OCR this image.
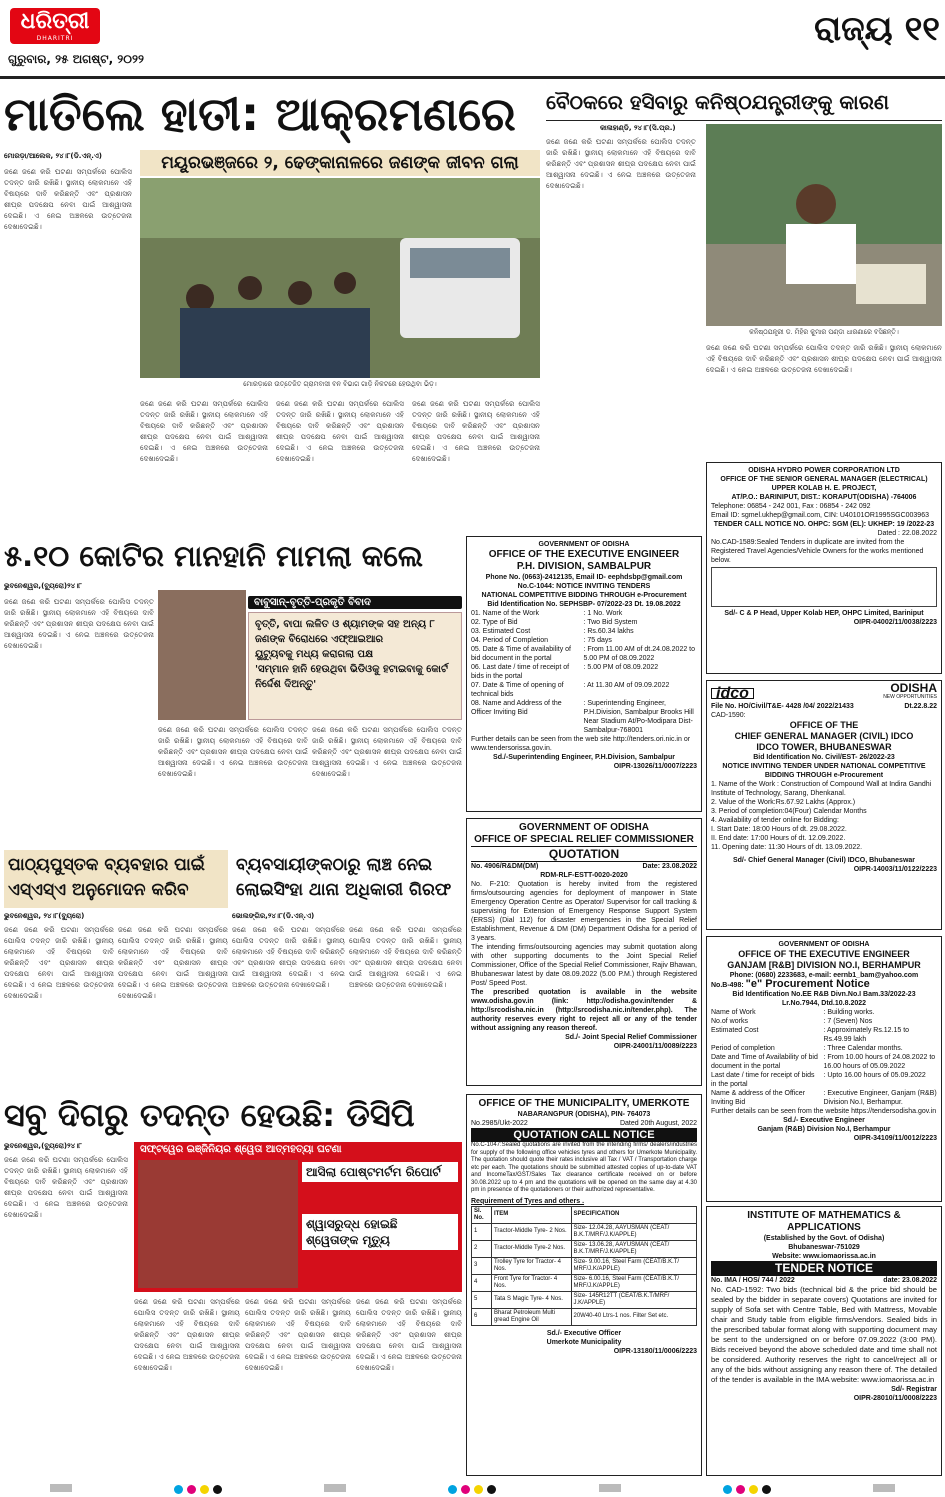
ଧରିତ୍ରୀ
DHARITRI
ଗୁରୁବାର, ୨୫ ଅଗଷ୍ଟ, ୨୦୨୨
ରାଜ୍ୟ ୧୧
ମାତିଲେ ହାତୀ: ଆକ୍ରମଣରେ
ମୋରଡ଼ା/ଆଲେକ, ୨୪।୮(ଡି.ଏନ୍.ଏ)	ମୟୂରଭଞ୍ଜରେ ୨, ଢେଙ୍କାନାଳରେ ଜଣଙ୍କ ଜୀବନ ଗଲା
ମୋରଡ଼ାରେ ଉତ୍ତେଜିତ ଗ୍ରାମବାସୀ ବନ ବିଭାଗ ଗାଡ଼ି ନିକଟରେ ହେଉଥିବା ଭିଡ଼।
ଜଣେ ଜଣେ କରି ଘଟଣା ସମ୍ପର୍କରେ ପୋଲିସ ତଦନ୍ତ ଜାରି ରଖିଛି। ସ୍ଥାନୀୟ ଲୋକମାନେ ଏହି ବିଷୟରେ ଦାବି କରିଛନ୍ତି ଏବଂ ପ୍ରଶାସନ ଶୀଘ୍ର ପଦକ୍ଷେପ ନେବା ପାଇଁ ଆଶ୍ୱାସନା ଦେଇଛି। ଏ ନେଇ ଅଞ୍ଚଳରେ ଉତ୍ତେଜନା ଦେଖାଦେଇଛି।
ଜଣେ ଜଣେ କରି ଘଟଣା ସମ୍ପର୍କରେ ପୋଲିସ ତଦନ୍ତ ଜାରି ରଖିଛି। ସ୍ଥାନୀୟ ଲୋକମାନେ ଏହି ବିଷୟରେ ଦାବି କରିଛନ୍ତି ଏବଂ ପ୍ରଶାସନ ଶୀଘ୍ର ପଦକ୍ଷେପ ନେବା ପାଇଁ ଆଶ୍ୱାସନା ଦେଇଛି। ଏ ନେଇ ଅଞ୍ଚଳରେ ଉତ୍ତେଜନା ଦେଖାଦେଇଛି।
ଜଣେ ଜଣେ କରି ଘଟଣା ସମ୍ପର୍କରେ ପୋଲିସ ତଦନ୍ତ ଜାରି ରଖିଛି। ସ୍ଥାନୀୟ ଲୋକମାନେ ଏହି ବିଷୟରେ ଦାବି କରିଛନ୍ତି ଏବଂ ପ୍ରଶାସନ ଶୀଘ୍ର ପଦକ୍ଷେପ ନେବା ପାଇଁ ଆଶ୍ୱାସନା ଦେଇଛି। ଏ ନେଇ ଅଞ୍ଚଳରେ ଉତ୍ତେଜନା ଦେଖାଦେଇଛି।
ଜଣେ ଜଣେ କରି ଘଟଣା ସମ୍ପର୍କରେ ପୋଲିସ ତଦନ୍ତ ଜାରି ରଖିଛି। ସ୍ଥାନୀୟ ଲୋକମାନେ ଏହି ବିଷୟରେ ଦାବି କରିଛନ୍ତି ଏବଂ ପ୍ରଶାସନ ଶୀଘ୍ର ପଦକ୍ଷେପ ନେବା ପାଇଁ ଆଶ୍ୱାସନା ଦେଇଛି। ଏ ନେଇ ଅଞ୍ଚଳରେ ଉତ୍ତେଜନା ଦେଖାଦେଇଛି।
ବୈଠକରେ ହସିବାରୁ କନିଷ୍ଠଯନ୍ତ୍ରୀଙ୍କୁ କାରଣ
କାଳାହାଣ୍ଡି, ୨୪।୮(ସି.ପ୍ର.)
ଜଣେ ଜଣେ କରି ଘଟଣା ସମ୍ପର୍କରେ ପୋଲିସ ତଦନ୍ତ ଜାରି ରଖିଛି। ସ୍ଥାନୀୟ ଲୋକମାନେ ଏହି ବିଷୟରେ ଦାବି କରିଛନ୍ତି ଏବଂ ପ୍ରଶାସନ ଶୀଘ୍ର ପଦକ୍ଷେପ ନେବା ପାଇଁ ଆଶ୍ୱାସନା ଦେଇଛି। ଏ ନେଇ ଅଞ୍ଚଳରେ ଉତ୍ତେଜନା ଦେଖାଦେଇଛି।
କନିଷ୍ଠଯନ୍ତ୍ରୀ ଡ. ମିହିର କୁମାର ପଣ୍ଡା ଧାରଣାରେ ବସିଛନ୍ତି।
ଜଣେ ଜଣେ କରି ଘଟଣା ସମ୍ପର୍କରେ ପୋଲିସ ତଦନ୍ତ ଜାରି ରଖିଛି। ସ୍ଥାନୀୟ ଲୋକମାନେ ଏହି ବିଷୟରେ ଦାବି କରିଛନ୍ତି ଏବଂ ପ୍ରଶାସନ ଶୀଘ୍ର ପଦକ୍ଷେପ ନେବା ପାଇଁ ଆଶ୍ୱାସନା ଦେଇଛି। ଏ ନେଇ ଅଞ୍ଚଳରେ ଉତ୍ତେଜନା ଦେଖାଦେଇଛି।
ODISHA HYDRO POWER CORPORATION LTD
OFFICE OF THE SENIOR GENERAL MANAGER (ELECTRICAL)
UPPER KOLAB H. E. PROJECT,
AT/P.O.: BARINIPUT, DIST.: KORAPUT(ODISHA) -764006
Telephone: 06854 - 242 001, Fax : 06854 - 242 092
Email ID: sgmel.ukhep@gmail.com, CIN: U40101OR1995SGC003963
TENDER CALL NOTICE NO. OHPC: SGM (EL): UKHEP: 19 /2022-23
Dated : 22.08.2022
No.CAD-1589:Sealed Tenders in duplicate are invited from the Registered Travel Agencies/Vehicle Owners for the works mentioned below.
Sd/- C & P Head, Upper Kolab HEP, OHPC Limited, Bariniput
OIPR-04002/11/0038/2223
୫.୧୦ କୋଟିର ମାନହାନି ମାମଲା କଲେ
ଭୁବନେଶ୍ୱର,(ବ୍ୟୁରୋ)୨୪।୮
ଜଣେ ଜଣେ କରି ଘଟଣା ସମ୍ପର୍କରେ ପୋଲିସ ତଦନ୍ତ ଜାରି ରଖିଛି। ସ୍ଥାନୀୟ ଲୋକମାନେ ଏହି ବିଷୟରେ ଦାବି କରିଛନ୍ତି ଏବଂ ପ୍ରଶାସନ ଶୀଘ୍ର ପଦକ୍ଷେପ ନେବା ପାଇଁ ଆଶ୍ୱାସନା ଦେଇଛି। ଏ ନେଇ ଅଞ୍ଚଳରେ ଉତ୍ତେଜନା ଦେଖାଦେଇଛି।
ବାବୁସାନ୍-ବୃତ୍ତି-ପ୍ରକୃତି ବିବାଦ
ବୃତ୍ତି, ବାପା ଲଳିତ ଓ ଶ୍ୟାମଙ୍କ ସହ ଅନ୍ୟ ୮ ଜଣଙ୍କ ବିରୋଧରେ ଏଫ୍‌ଆଇଆର
ୟୁଟ୍ୟୁବକୁ ମଧ୍ୟ କରାଗଲା ପକ୍ଷ
'ସମ୍ମାନ ହାନି ହେଉଥିବା ଭିଡିଓକୁ ହଟାଇବାକୁ କୋର୍ଟ ନିର୍ଦ୍ଦେଶ ଦିଅନ୍ତୁ'
ଜଣେ ଜଣେ କରି ଘଟଣା ସମ୍ପର୍କରେ ପୋଲିସ ତଦନ୍ତ ଜାରି ରଖିଛି। ସ୍ଥାନୀୟ ଲୋକମାନେ ଏହି ବିଷୟରେ ଦାବି କରିଛନ୍ତି ଏବଂ ପ୍ରଶାସନ ଶୀଘ୍ର ପଦକ୍ଷେପ ନେବା ପାଇଁ ଆଶ୍ୱାସନା ଦେଇଛି। ଏ ନେଇ ଅଞ୍ଚଳରେ ଉତ୍ତେଜନା ଦେଖାଦେଇଛି।
ଜଣେ ଜଣେ କରି ଘଟଣା ସମ୍ପର୍କରେ ପୋଲିସ ତଦନ୍ତ ଜାରି ରଖିଛି। ସ୍ଥାନୀୟ ଲୋକମାନେ ଏହି ବିଷୟରେ ଦାବି କରିଛନ୍ତି ଏବଂ ପ୍ରଶାସନ ଶୀଘ୍ର ପଦକ୍ଷେପ ନେବା ପାଇଁ ଆଶ୍ୱାସନା ଦେଇଛି। ଏ ନେଇ ଅଞ୍ଚଳରେ ଉତ୍ତେଜନା ଦେଖାଦେଇଛି।
GOVERNMENT OF ODISHA
OFFICE OF THE EXECUTIVE ENGINEER
P.H. DIVISION, SAMBALPUR
Phone No. (0663)-2412135, Email ID- eephdsbp@gmail.com
No.C-1044: NOTICE INVITING TENDERS
NATIONAL COMPETITIVE BIDDING THROUGH e-Procurement
Bid Identification No. SEPHSBP- 07/2022-23 Dt. 19.08.2022
01. Name of the Work	: 1 No. Work
02. Type of Bid	: Two Bid System
03. Estimated Cost	: Rs.60.34 lakhs
04. Period of Completion	: 75 days
05. Date & Time of availability of bid document in the portal
: From 11.00 AM of dt.24.08.2022 to 5.00 PM of 08.09.2022
06. Last date / time of receipt of bids in the portal
: 5.00 PM of 08.09.2022
07. Date & Time of opening of technical bids
: At 11.30 AM of 09.09.2022
08. Name and Address of the Officer Inviting Bid
: Superintending Engineer, P.H.Division, Sambalpur Brooks Hill Near Stadium At/Po-Modipara Dist-Sambalpur-768001
Further details can be seen from the web site http://tenders.ori.nic.in or www.tendersorissa.gov.in.
Sd./-Superintending Engineer, P.H.Division, Sambalpur
OIPR-13026/11/0007/2223
idco	ODISHA
NEW OPPORTUNITIES
File No. HO/Civil/T&E- 4428 /04/ 2022/21433	Dt.22.8.22
CAD-1590:
OFFICE OF THE
CHIEF GENERAL MANAGER (CIVIL) IDCO
IDCO TOWER, BHUBANESWAR
Bid Identification No. Civil/EST- 26/2022-23
NOTICE INVITING TENDER UNDER NATIONAL COMPETITIVE BIDDING THROUGH e-Procurement
1. Name of the Work : Construction of Compound Wall at Indira Gandhi Institute of Technology, Sarang, Dhenkanal.
2. Value of the Work:Rs.67.92 Lakhs (Approx.)
3. Period of completion:04(Four) Calendar Months
4. Availability of tender online for Bidding:
I. Start Date: 18:00 Hours of dt. 29.08.2022.
II. End date: 17:00 Hours of dt. 12.09.2022.
11. Opening date: 11:30 Hours of dt. 13.09.2022.
Sd/- Chief General Manager (Civil) IDCO, Bhubaneswar
OIPR-14003/11/0122/2223
ପାଠ୍ୟପୁସ୍ତକ ବ୍ୟବହାର ପାଇଁ
ଏସ୍‌ଏସ୍‌ଏ ଅନୁମୋଦନ କରିବ
ଭୁବନେଶ୍ୱର, ୨୪।୮(ବ୍ୟୁରୋ)
ଜଣେ ଜଣେ କରି ଘଟଣା ସମ୍ପର୍କରେ ପୋଲିସ ତଦନ୍ତ ଜାରି ରଖିଛି। ସ୍ଥାନୀୟ ଲୋକମାନେ ଏହି ବିଷୟରେ ଦାବି କରିଛନ୍ତି ଏବଂ ପ୍ରଶାସନ ଶୀଘ୍ର ପଦକ୍ଷେପ ନେବା ପାଇଁ ଆଶ୍ୱାସନା ଦେଇଛି। ଏ ନେଇ ଅଞ୍ଚଳରେ ଉତ୍ତେଜନା ଦେଖାଦେଇଛି।
ଜଣେ ଜଣେ କରି ଘଟଣା ସମ୍ପର୍କରେ ପୋଲିସ ତଦନ୍ତ ଜାରି ରଖିଛି। ସ୍ଥାନୀୟ ଲୋକମାନେ ଏହି ବିଷୟରେ ଦାବି କରିଛନ୍ତି ଏବଂ ପ୍ରଶାସନ ଶୀଘ୍ର ପଦକ୍ଷେପ ନେବା ପାଇଁ ଆଶ୍ୱାସନା ଦେଇଛି। ଏ ନେଇ ଅଞ୍ଚଳରେ ଉତ୍ତେଜନା ଦେଖାଦେଇଛି।
ବ୍ୟବସାୟୀଙ୍କଠାରୁ ଲାଞ୍ଚ ନେଇ
ଲୋଇସିଂହା ଥାନା ଅଧିକାରୀ ଗିରଫ
ଭୋଲଙ୍ଗିର,୨୪।୮(ଡି.ଏନ୍.ଏ)
ଜଣେ ଜଣେ କରି ଘଟଣା ସମ୍ପର୍କରେ ପୋଲିସ ତଦନ୍ତ ଜାରି ରଖିଛି। ସ୍ଥାନୀୟ ଲୋକମାନେ ଏହି ବିଷୟରେ ଦାବି କରିଛନ୍ତି ଏବଂ ପ୍ରଶାସନ ଶୀଘ୍ର ପଦକ୍ଷେପ ନେବା ପାଇଁ ଆଶ୍ୱାସନା ଦେଇଛି। ଏ ନେଇ ଅଞ୍ଚଳରେ ଉତ୍ତେଜନା ଦେଖାଦେଇଛି।
ଜଣେ ଜଣେ କରି ଘଟଣା ସମ୍ପର୍କରେ ପୋଲିସ ତଦନ୍ତ ଜାରି ରଖିଛି। ସ୍ଥାନୀୟ ଲୋକମାନେ ଏହି ବିଷୟରେ ଦାବି କରିଛନ୍ତି ଏବଂ ପ୍ରଶାସନ ଶୀଘ୍ର ପଦକ୍ଷେପ ନେବା ପାଇଁ ଆଶ୍ୱାସନା ଦେଇଛି। ଏ ନେଇ ଅଞ୍ଚଳରେ ଉତ୍ତେଜନା ଦେଖାଦେଇଛି।
GOVERNMENT OF ODISHA
OFFICE OF SPECIAL RELIEF COMMISSIONER
QUOTATION
No. 4906/R&DM(DM)	Date: 23.08.2022
RDM-RLF-ESTT-0020-2020
No. F-210: Quotation is hereby invited from the registered firms/outsourcing agencies for deployment of manpower in State Emergency Operation Centre as Operator/ Supervisor for call tracking & supervising for Extension of Emergency Response Support System (ERSS) (Dial 112) for disaster emergencies in the Special Relief Establishment, Revenue & DM (DM) Department Odisha for a period of 3 years.
The intending firms/outsourcing agencies may submit quotation along with other supporting documents to the Joint Special Relief Commissioner, Office of the Special Relief Commissioner, Rajiv Bhawan, Bhubaneswar latest by date 08.09.2022 (5.00 P.M.) through Registered Post/ Speed Post.
The prescribed quotation is available in the website www.odisha.gov.in (link: http://odisha.gov.in/tender & http://srcodisha.nic.in (http://srcodisha.nic.in/tender.php). The authority reserves every right to reject all or any of the tender without assigning any reason thereof.
Sd./- Joint Special Relief Commissioner
OIPR-24001/11/0089/2223
GOVERNMENT OF ODISHA
OFFICE OF THE EXECUTIVE ENGINEER
GANJAM [R&B] DIVISION NO.I, BERHAMPUR
Phone: (0680) 2233683, e-mail: eernb1_bam@yahoo.com
No.B-498: "e" Procurement Notice
Bid Identification No.EE R&B Divn.No.I Bam.33/2022-23
Lr.No.7944, Dtd.10.8.2022
Name of Work	: Building works.
No.of works	: 7 (Seven) Nos
Estimated Cost	: Approximately Rs.12.15 to Rs.49.99 lakh
Period of completion	: Three Calendar months.
Date and Time of Availability of bid document in the portal
: From 10.00 hours of 24.08.2022 to 16.00 hours of 05.09.2022
Last date / time for receipt of bids in the portal
: Upto 16.00 hours of 05.09.2022
Name & address of the Officer Inviting Bid
: Executive Engineer, Ganjam (R&B) Division No.I, Berhampur.
Further details can be seen from the website https://tendersodisha.gov.in
Sd./- Executive Engineer
Ganjam (R&B) Division No.I, Berhampur
OIPR-34109/11/0012/2223
ସବୁ ଦିଗରୁ ତଦନ୍ତ ହେଉଛି: ଡିସିପି
ଭୁବନେଶ୍ୱର,(ବ୍ୟୁରୋ)୨୪।୮
ଜଣେ ଜଣେ କରି ଘଟଣା ସମ୍ପର୍କରେ ପୋଲିସ ତଦନ୍ତ ଜାରି ରଖିଛି। ସ୍ଥାନୀୟ ଲୋକମାନେ ଏହି ବିଷୟରେ ଦାବି କରିଛନ୍ତି ଏବଂ ପ୍ରଶାସନ ଶୀଘ୍ର ପଦକ୍ଷେପ ନେବା ପାଇଁ ଆଶ୍ୱାସନା ଦେଇଛି। ଏ ନେଇ ଅଞ୍ଚଳରେ ଉତ୍ତେଜନା ଦେଖାଦେଇଛି।
ସଫ୍ଟୱେର ଇଞ୍ଜିନିୟର ଶ୍ୱେତା ଆତ୍ମହତ୍ୟା ଘଟଣା
ଆସିଲା ପୋଷ୍ଟମର୍ଟମ ରିପୋର୍ଟ
ଶ୍ୱାସରୁଦ୍ଧ ହୋଇଛି ଶ୍ୱେତାଙ୍କ ମୃତ୍ୟୁ
ଜଣେ ଜଣେ କରି ଘଟଣା ସମ୍ପର୍କରେ ପୋଲିସ ତଦନ୍ତ ଜାରି ରଖିଛି। ସ୍ଥାନୀୟ ଲୋକମାନେ ଏହି ବିଷୟରେ ଦାବି କରିଛନ୍ତି ଏବଂ ପ୍ରଶାସନ ଶୀଘ୍ର ପଦକ୍ଷେପ ନେବା ପାଇଁ ଆଶ୍ୱାସନା ଦେଇଛି। ଏ ନେଇ ଅଞ୍ଚଳରେ ଉତ୍ତେଜନା ଦେଖାଦେଇଛି।
ଜଣେ ଜଣେ କରି ଘଟଣା ସମ୍ପର୍କରେ ପୋଲିସ ତଦନ୍ତ ଜାରି ରଖିଛି। ସ୍ଥାନୀୟ ଲୋକମାନେ ଏହି ବିଷୟରେ ଦାବି କରିଛନ୍ତି ଏବଂ ପ୍ରଶାସନ ଶୀଘ୍ର ପଦକ୍ଷେପ ନେବା ପାଇଁ ଆଶ୍ୱାସନା ଦେଇଛି। ଏ ନେଇ ଅଞ୍ଚଳରେ ଉତ୍ତେଜନା ଦେଖାଦେଇଛି।
ଜଣେ ଜଣେ କରି ଘଟଣା ସମ୍ପର୍କରେ ପୋଲିସ ତଦନ୍ତ ଜାରି ରଖିଛି। ସ୍ଥାନୀୟ ଲୋକମାନେ ଏହି ବିଷୟରେ ଦାବି କରିଛନ୍ତି ଏବଂ ପ୍ରଶାସନ ଶୀଘ୍ର ପଦକ୍ଷେପ ନେବା ପାଇଁ ଆଶ୍ୱାସନା ଦେଇଛି। ଏ ନେଇ ଅଞ୍ଚଳରେ ଉତ୍ତେଜନା ଦେଖାଦେଇଛି।
OFFICE OF THE MUNICIPALITY, UMERKOTE
NABARANGPUR (ODISHA), PIN- 764073
No.2985/Ukt-2022	Dated 20th August, 2022
QUOTATION CALL NOTICE
No.C-1047:Sealed quotations are invited from the intending firms/ dealers/industries for supply of the following office vehicles tyres and others for Umerkote Municipality. The quotation should quote their rates inclusive all Tax / VAT / Transportation charge etc per each. The quotations should be submitted attested copies of up-to-date VAT and IncomeTax/GST/Sales Tax clearance certificate received on or before 30.08.2022 up to 4 pm and the quotations will be opened on the same day at 4.30 pm in presence of the quotationers or their authorized representative.
Requirement of Tyres and others .
Sl. No.	ITEM	SPECIFICATION
1	Tractor-Middle Tyre- 2 Nos.	Size- 12.04.28, AAYUSMAN (CEAT/ B.K.T/MRF/J.K/APPLE)
2	Tractor-Middle Tyre-2 Nos.	Size- 13.06.28, AAYUSMAN (CEAT/ B.K.T/MRF/J.K/APPLE)
3	Trolley Tyre for Tractor- 4 Nos.	Size- 9.00.16, Steel Farm (CEAT/B.K.T/ MRF/J.K/APPLE)
4	Front Tyre for Tractor- 4 Nos.	Size- 6.00.16, Steel Farm (CEAT/B.K.T/ MRF/J.K/APPLE)
5	Tata S Magic Tyre- 4 Nos.	Size- 145R12TT (CEAT/B.K.T/MRF/ J.K/APPLE)
6	Bharat Petroleum Multi gread Engine Oil	20W40-40 Ltrs-1 nos. Filter Set etc.
Sd./- Executive Officer
Umerkote Municipality
OIPR-13180/11/0006/2223
INSTITUTE OF MATHEMATICS & APPLICATIONS
(Established by the Govt. of Odisha)
Bhubaneswar-751029
Website: www.iomaorissa.ac.in
TENDER NOTICE
No. IMA / HOS/ 744 / 2022	date: 23.08.2022
No. CAD-1592: Two bids (technical bid & the price bid should be sealed by the bidder in separate covers) Quotations are invited for supply of Sofa set with Centre Table, Bed with Mattress, Movable chair and Study table from eligible firms/vendors. Sealed bids in the prescribed tabular format along with supporting document may be sent to the undersigned on or before 07.09.2022 (3:00 PM). Bids received beyond the above scheduled date and time shall not be considered. Authority reserves the right to cancel/reject all or any of the bids without assigning any reason there of. The detailed of the tender is available in the IMA website: www.iomaorissa.ac.in
Sd/- Registrar
OIPR-28010/11/0008/2223
